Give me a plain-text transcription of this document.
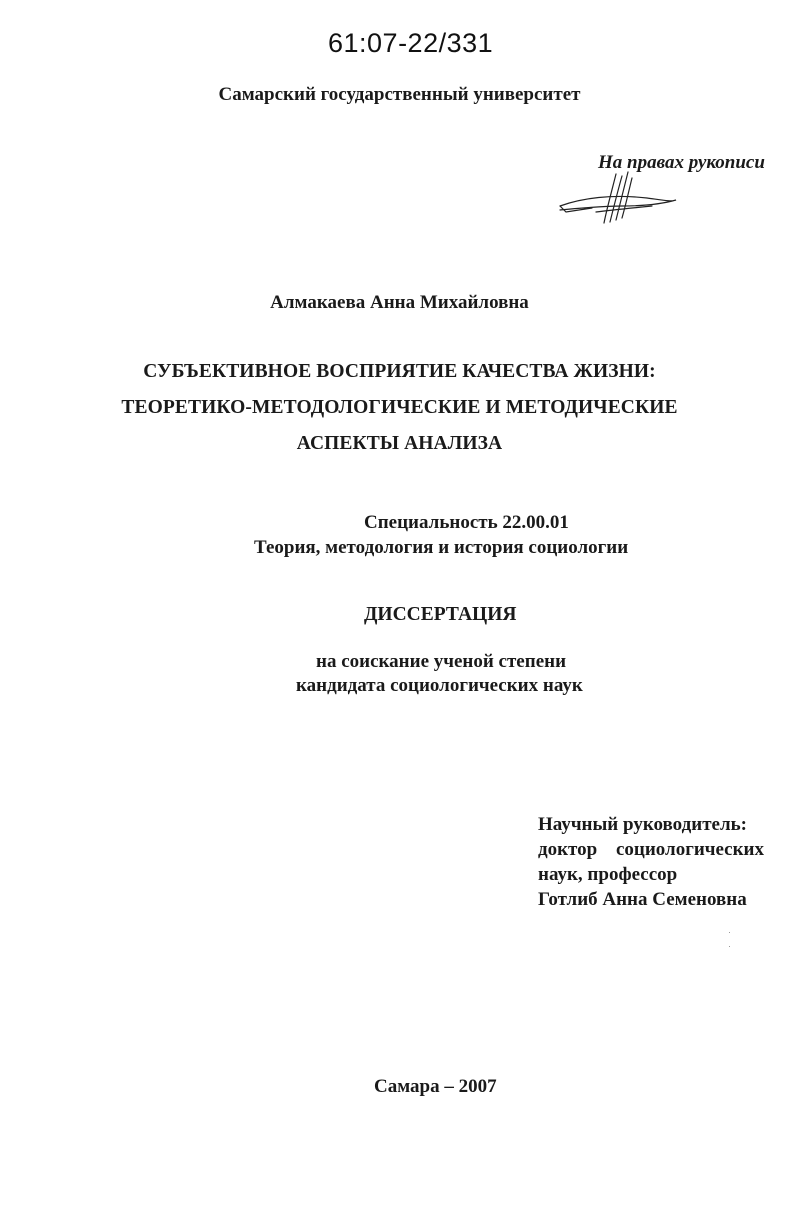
61:07-22/331
Самарский государственный университет
На правах рукописи
Алмакаева Анна Михайловна
СУБЪЕКТИВНОЕ ВОСПРИЯТИЕ КАЧЕСТВА ЖИЗНИ:
ТЕОРЕТИКО-МЕТОДОЛОГИЧЕСКИЕ И МЕТОДИЧЕСКИЕ
АСПЕКТЫ АНАЛИЗА
Специальность 22.00.01
Теория, методология и история социологии
ДИССЕРТАЦИЯ
на соискание ученой степени
кандидата социологических наук
Научный руководитель:
доктор социологических
наук, профессор
Готлиб Анна Семеновна
Самара – 2007
